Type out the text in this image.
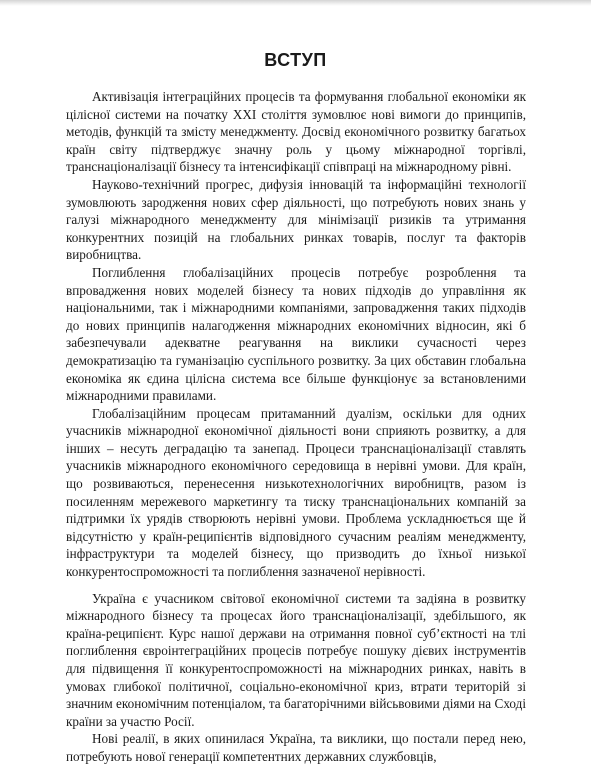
ВСТУП

Активізація інтеграційних процесів та формування глобальної економіки як цілісної системи на початку XXI століття зумовлює нові вимоги до принципів, методів, функцій та змісту менеджменту. Досвід економічного розвитку багатьох країн світу підтверджує значну роль у цьому міжнародної торгівлі, транснаціоналізації бізнесу та інтенсифікації співпраці на міжнародному рівні.

Науково-технічний прогрес, дифузія інновацій та інформаційні технології зумовлюють зародження нових сфер діяльності, що потребують нових знань у галузі міжнародного менеджменту для мінімізації ризиків та утримання конкурентних позицій на глобальних ринках товарів, послуг та факторів виробництва.

Поглиблення глобалізаційних процесів потребує розроблення та впровадження нових моделей бізнесу та нових підходів до управління як національними, так і міжнародними компаніями, запровадження таких підходів до нових принципів налагодження міжнародних економічних відносин, які б забезпечували адекватне реагування на виклики сучасності через демократизацію та гуманізацію суспільного розвитку. За цих обставин глобальна економіка як єдина цілісна система все більше функціонує за встановленими міжнародними правилами.

Глобалізаційним процесам притаманний дуалізм, оскільки для одних учасників міжнародної економічної діяльності вони сприяють розвитку, а для інших – несуть деградацію та занепад. Процеси транснаціоналізації ставлять учасників міжнародного економічного середовища в нерівні умови. Для країн, що розвиваються, перенесення низькотехнологічних виробництв, разом із посиленням мережевого маркетингу та тиску транснаціональних компаній за підтримки їх урядів створюють нерівні умови. Проблема ускладнюється ще й відсутністю у країн-реципієнтів відповідного сучасним реаліям менеджменту, інфраструктури та моделей бізнесу, що призводить до їхньої низької конкурентоспроможності та поглиблення зазначеної нерівності.

Україна є учасником світової економічної системи та задіяна в розвитку міжнародного бізнесу та процесах його транснаціоналізації, здебільшого, як країна-реципієнт. Курс нашої держави на отримання повної суб’єктності на тлі поглиблення євроінтеграційних процесів потребує пошуку дієвих інструментів для підвищення її конкурентоспроможності на міжнародних ринках, навіть в умовах глибокої політичної, соціально-економічної криз, втрати територій зі значним економічним потенціалом, та багаторічними війсьвовими діями на Сході країни за участю Росії.

Нові реалії, в яких опинилася Україна, та виклики, що постали перед нею, потребують нової генерації компетентних державних службовців,
